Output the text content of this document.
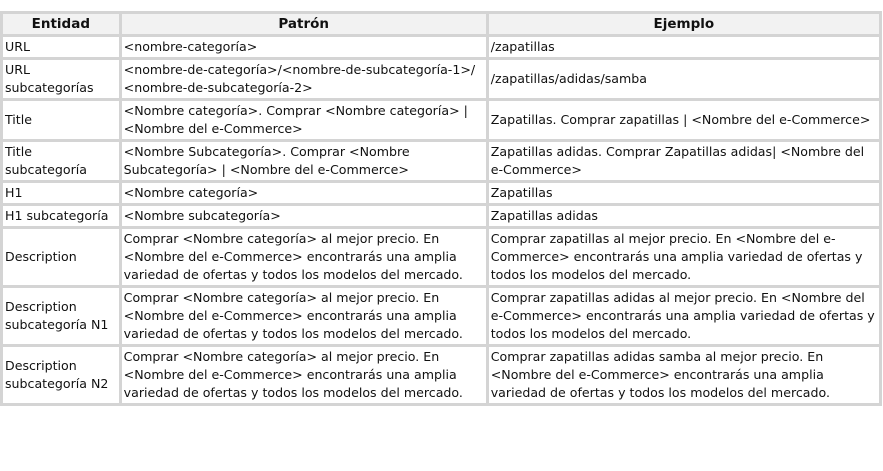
Entidad	Patrón	Ejemplo
URL	<nombre-categoría>	/zapatillas
URL subcategorías	<nombre-de-categoría>/<nombre-de-subcategoría-1>/<nombre-de-subcategoría-2>	/zapatillas/adidas/samba
Title	<Nombre categoría>. Comprar <Nombre categoría> | <Nombre del e-Commerce>	Zapatillas. Comprar zapatillas | <Nombre del e-Commerce>
Title subcategoría	<Nombre Subcategoría>. Comprar <Nombre Subcategoría> | <Nombre del e-Commerce>	Zapatillas adidas. Comprar Zapatillas adidas| <Nombre del e-Commerce>
H1	<Nombre categoría>	Zapatillas
H1 subcategoría	<Nombre subcategoría>	Zapatillas adidas
Description	Comprar <Nombre categoría> al mejor precio. En <Nombre del e-Commerce> encontrarás una amplia variedad de ofertas y todos los modelos del mercado.	Comprar zapatillas al mejor precio. En <Nombre del e-Commerce> encontrarás una amplia variedad de ofertas y todos los modelos del mercado.
Description subcategoría N1	Comprar <Nombre categoría> al mejor precio. En <Nombre del e-Commerce> encontrarás una amplia variedad de ofertas y todos los modelos del mercado.	Comprar zapatillas adidas al mejor precio. En <Nombre del e-Commerce> encontrarás una amplia variedad de ofertas y todos los modelos del mercado.
Description subcategoría N2	Comprar <Nombre categoría> al mejor precio. En <Nombre del e-Commerce> encontrarás una amplia variedad de ofertas y todos los modelos del mercado.	Comprar zapatillas adidas samba al mejor precio. En <Nombre del e-Commerce> encontrarás una amplia variedad de ofertas y todos los modelos del mercado.
